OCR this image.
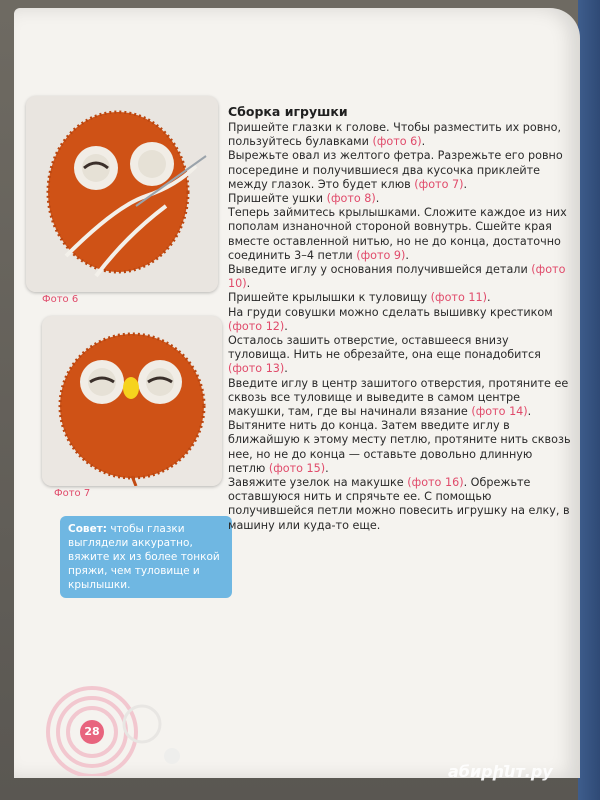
Фото 6
Фото 7
Совет: чтобы глазки выглядели аккуратно, вяжите их из более тонкой пряжи, чем туловище и крылышки.
Сборка игрушки

Пришейте глазки к голове. Чтобы разместить их ровно, пользуйтесь булавками (фото 6).

Вырежьте овал из желтого фетра. Разрежьте его ровно посередине и получившиеся два кусочка приклейте между глазок. Это будет клюв (фото 7).

Пришейте ушки (фото 8).

Теперь займитесь крылышками. Сложите каждое из них пополам изнаночной стороной вовнутрь. Сшейте края вместе оставленной нитью, но не до конца, достаточно соединить 3–4 петли (фото 9).

Выведите иглу у основания получившейся детали (фото 10).

Пришейте крылышки к туловищу (фото 11).

На груди совушки можно сделать вышивку крестиком (фото 12).

Осталось зашить отверстие, оставшееся внизу туловища. Нить не обрезайте, она еще понадобится (фото 13).

Введите иглу в центр зашитого отверстия, протяните ее сквозь все туловище и выведите в самом центре макушки, там, где вы начинали вязание (фото 14).

Вытяните нить до конца. Затем введите иглу в ближайшую к этому месту петлю, протяните нить сквозь нее, но не до конца — оставьте довольно длинную петлю (фото 15).

Завяжите узелок на макушке (фото 16). Обрежьте оставшуюся нить и спрячьте ее. С помощью получившейся петли можно повесить игрушку на елку, в машину или куда-то еще.

28
абирինт.ру
